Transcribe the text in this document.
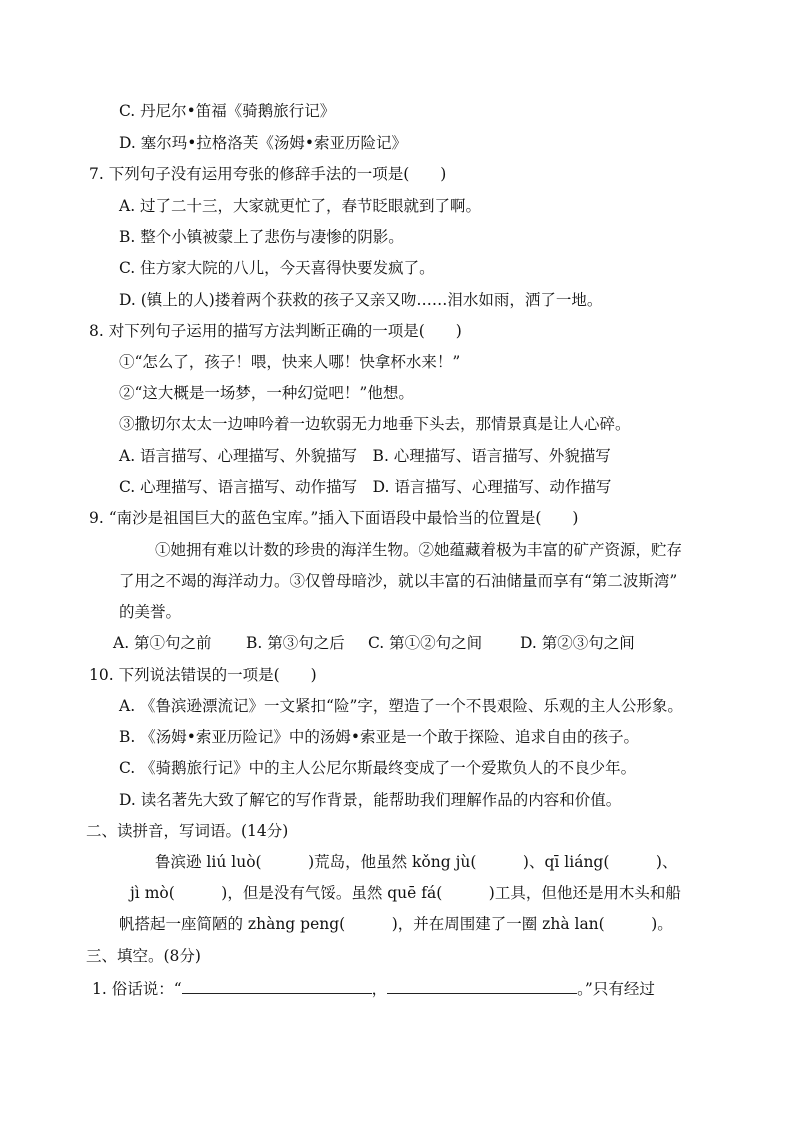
C. 丹尼尔•笛福《骑鹅旅行记》
D. 塞尔玛•拉格洛芙《汤姆•索亚历险记》
7. 下列句子没有运用夸张的修辞手法的一项是(　　)
A. 过了二十三，大家就更忙了，春节眨眼就到了啊。
B. 整个小镇被蒙上了悲伤与凄惨的阴影。
C. 住方家大院的八儿，今天喜得快要发疯了。
D. (镇上的人)搂着两个获救的孩子又亲又吻……泪水如雨，洒了一地。
8. 对下列句子运用的描写方法判断正确的一项是(　　)
①“怎么了，孩子！喂，快来人哪！快拿杯水来！”
②“这大概是一场梦，一种幻觉吧！”他想。
③撒切尔太太一边呻吟着一边软弱无力地垂下头去，那情景真是让人心碎。
A. 语言描写、心理描写、外貌描写　B. 心理描写、语言描写、外貌描写
C. 心理描写、语言描写、动作描写　D. 语言描写、心理描写、动作描写
9. “南沙是祖国巨大的蓝色宝库。”插入下面语段中最恰当的位置是(　　)
①她拥有难以计数的珍贵的海洋生物。②她蕴藏着极为丰富的矿产资源，贮存
了用之不竭的海洋动力。③仅曾母暗沙，就以丰富的石油储量而享有“第二波斯湾”
的美誉。
A. 第①句之前 B. 第③句之后 C. 第①②句之间 D. 第②③句之间
10. 下列说法错误的一项是(　　)
A. 《鲁滨逊漂流记》一文紧扣“险”字，塑造了一个不畏艰险、乐观的主人公形象。
B. 《汤姆•索亚历险记》中的汤姆•索亚是一个敢于探险、追求自由的孩子。
C. 《骑鹅旅行记》中的主人公尼尔斯最终变成了一个爱欺负人的不良少年。
D. 读名著先大致了解它的写作背景，能帮助我们理解作品的内容和价值。
二、读拼音，写词语。(14分)
鲁滨逊 liú luò(　　　)荒岛，他虽然 kǒng jù(　　　)、qī liáng(　　　)、
jì mò(　　　)，但是没有气馁。虽然 quē fá(　　　)工具，但他还是用木头和船
帆搭起一座简陋的 zhàng peng(　　　)，并在周围建了一圈 zhà lan(　　　)。
三、填空。(8分)
1. 俗话说：“	，	。”只有经过
